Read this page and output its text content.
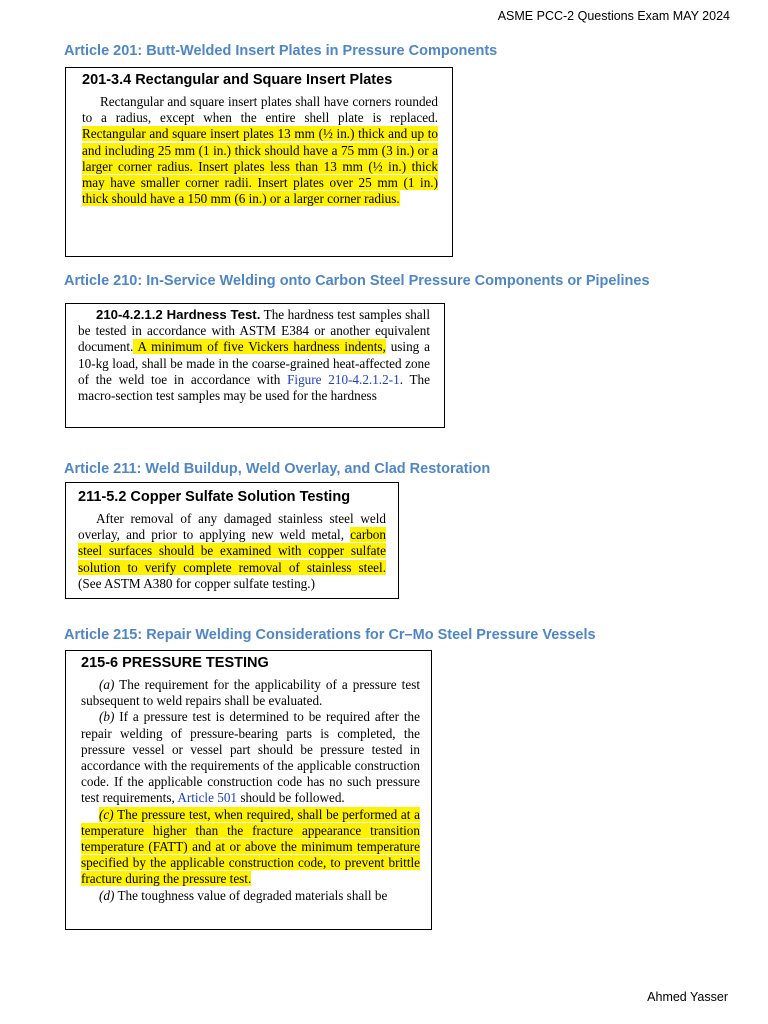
ASME PCC-2 Questions Exam MAY 2024
Article 201: Butt-Welded Insert Plates in Pressure Components
201-3.4 Rectangular and Square Insert Plates

Rectangular and square insert plates shall have corners rounded to a radius, except when the entire shell plate is replaced. Rectangular and square insert plates 13 mm (½ in.) thick and up to and including 25 mm (1 in.) thick should have a 75 mm (3 in.) or a larger corner radius. Insert plates less than 13 mm (½ in.) thick may have smaller corner radii. Insert plates over 25 mm (1 in.) thick should have a 150 mm (6 in.) or a larger corner radius.

Article 210: In-Service Welding onto Carbon Steel Pressure Components or Pipelines

210-4.2.1.2 Hardness Test. The hardness test samples shall be tested in accordance with ASTM E384 or another equivalent document. A minimum of five Vickers hardness indents, using a 10-kg load, shall be made in the coarse-grained heat-affected zone of the weld toe in accordance with Figure 210-4.2.1.2-1. The macro-section test samples may be used for the hardness

Article 211: Weld Buildup, Weld Overlay, and Clad Restoration
211-5.2 Copper Sulfate Solution Testing

After removal of any damaged stainless steel weld overlay, and prior to applying new weld metal, carbon steel surfaces should be examined with copper sulfate solution to verify complete removal of stainless steel. (See ASTM A380 for copper sulfate testing.)

Article 215: Repair Welding Considerations for Cr–Mo Steel Pressure Vessels
215-6 PRESSURE TESTING

(a) The requirement for the applicability of a pressure test subsequent to weld repairs shall be evaluated.

(b) If a pressure test is determined to be required after the repair welding of pressure-bearing parts is completed, the pressure vessel or vessel part should be pressure tested in accordance with the requirements of the applicable construction code. If the applicable construction code has no such pressure test requirements, Article 501 should be followed.

(c) The pressure test, when required, shall be performed at a temperature higher than the fracture appearance transition temperature (FATT) and at or above the minimum temperature specified by the applicable construction code, to prevent brittle fracture during the pressure test.

(d) The toughness value of degraded materials shall be

Ahmed Yasser
